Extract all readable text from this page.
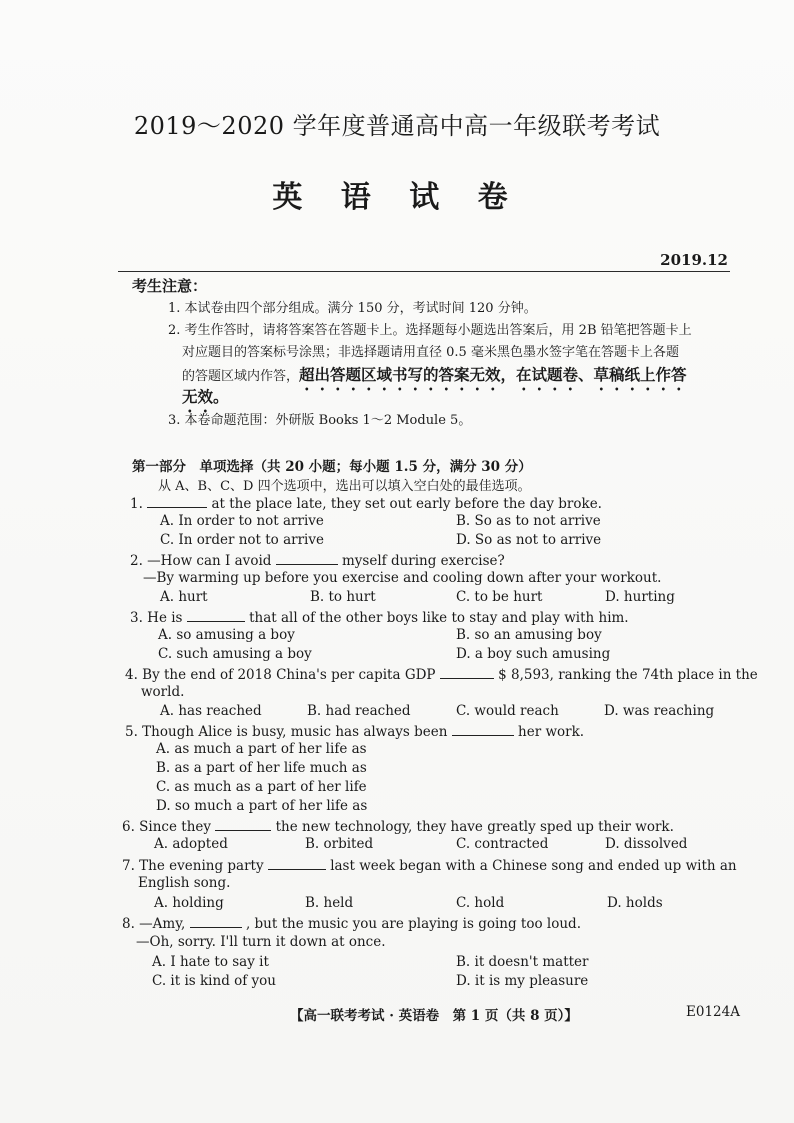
2019～2020 学年度普通高中高一年级联考考试
英 语 试 卷
2019.12
考生注意：
1. 本试卷由四个部分组成。满分 150 分，考试时间 120 分钟。
2. 考生作答时，请将答案答在答题卡上。选择题每小题选出答案后，用 2B 铅笔把答题卡上
对应题目的答案标号涂黑；非选择题请用直径 0.5 毫米黑色墨水签字笔在答题卡上各题
的答题区域内作答，超出答题区域书写的答案无效，在试题卷、草稿纸上作答
无效。
3. 本卷命题范围：外研版 Books 1～2 Module 5。
第一部分　单项选择（共 20 小题；每小题 1.5 分，满分 30 分）
从 A、B、C、D 四个选项中，选出可以填入空白处的最佳选项。
1.	at the place late, they set out early before the day broke.
A. In order to not arrive	B. So as to not arrive
C. In order not to arrive	D. So as not to arrive
2. —How can I avoid	myself during exercise?
—By warming up before you exercise and cooling down after your workout.
A. hurt	B. to hurt	C. to be hurt	D. hurting
3. He is	that all of the other boys like to stay and play with him.
A. so amusing a boy	B. so an amusing boy
C. such amusing a boy	D. a boy such amusing
4. By the end of 2018 China's per capita GDP	$ 8,593, ranking the 74th place in the
world.
A. has reached	B. had reached	C. would reach	D. was reaching
5. Though Alice is busy, music has always been	her work.
A. as much a part of her life as
B. as a part of her life much as
C. as much as a part of her life
D. so much a part of her life as
6. Since they	the new technology, they have greatly sped up their work.
A. adopted	B. orbited	C. contracted	D. dissolved
7. The evening party	last week began with a Chinese song and ended up with an
English song.
A. holding	B. held	C. hold	D. holds
8. —Amy,	, but the music you are playing is going too loud.
—Oh, sorry. I'll turn it down at once.
A. I hate to say it	B. it doesn't matter
C. it is kind of you	D. it is my pleasure
【高一联考考试 · 英语卷　第 1 页（共 8 页）】	E0124A
